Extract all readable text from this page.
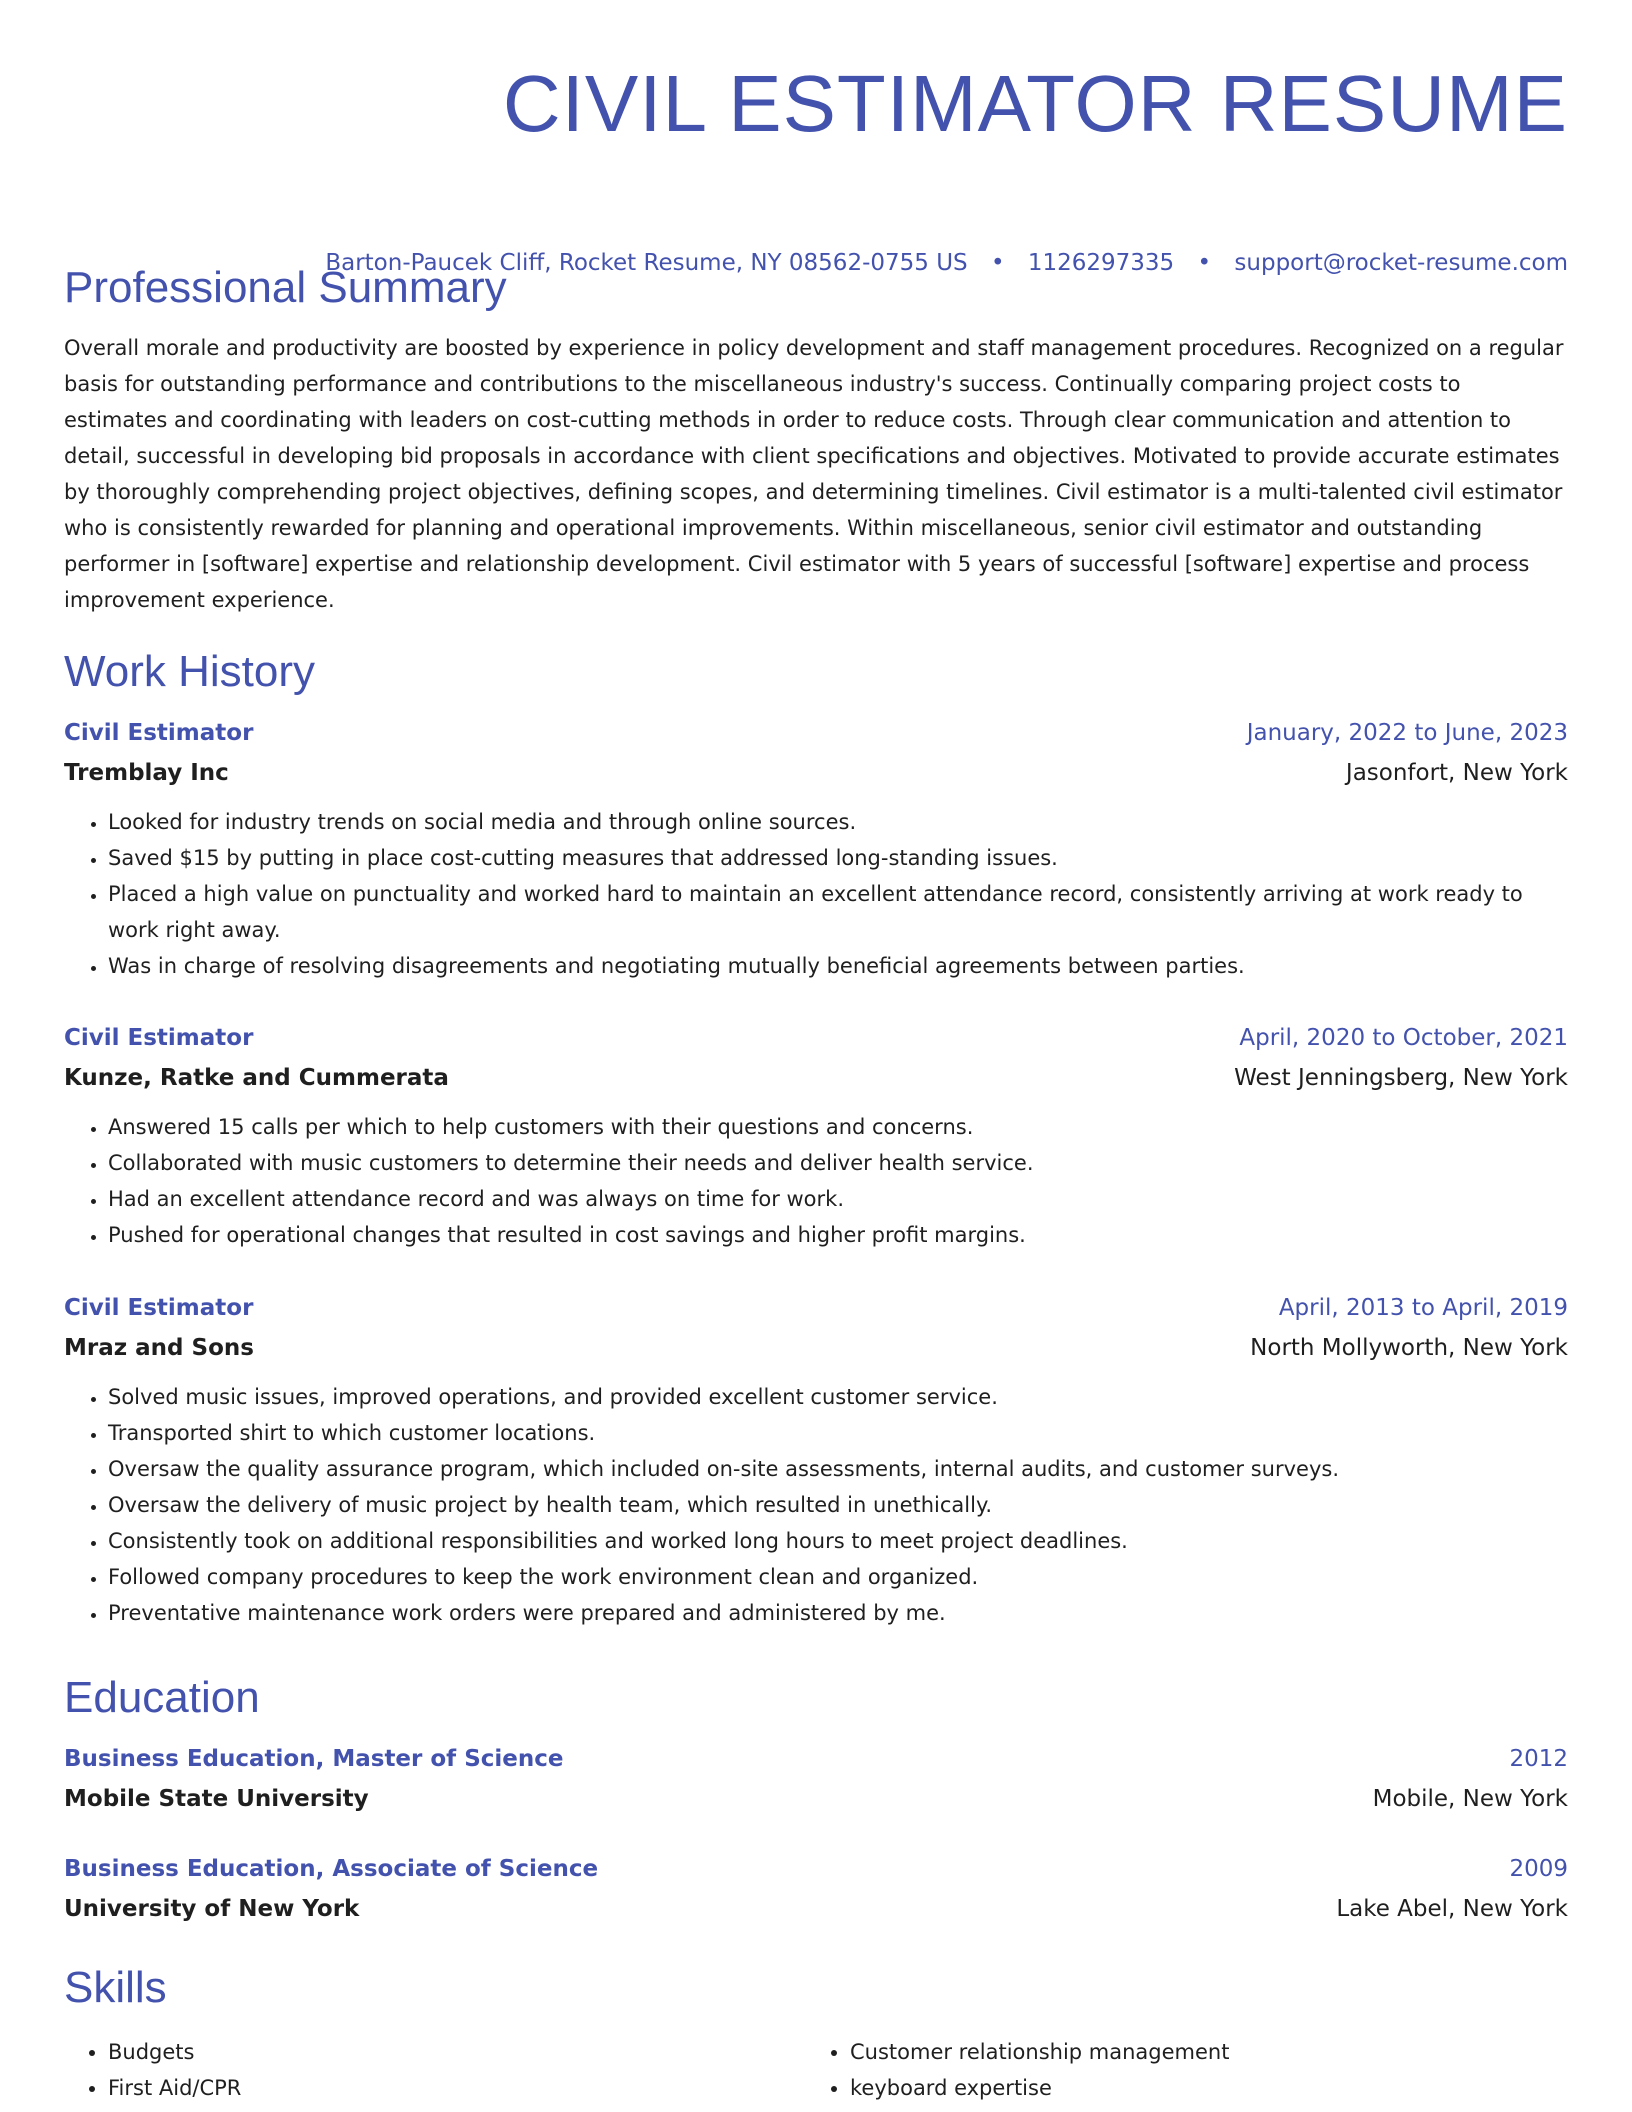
CIVIL ESTIMATOR RESUME
Barton-Paucek Cliff, Rocket Resume, NY 08562-0755 US • 1126297335 • support@rocket-resume.com
Professional Summary

Overall morale and productivity are boosted by experience in policy development and staff management procedures. Recognized on a regular basis for outstanding performance and contributions to the miscellaneous industry's success. Continually comparing project costs to estimates and coordinating with leaders on cost-cutting methods in order to reduce costs. Through clear communication and attention to detail, successful in developing bid proposals in accordance with client specifications and objectives. Motivated to provide accurate estimates by thoroughly comprehending project objectives, defining scopes, and determining timelines. Civil estimator is a multi-talented civil estimator who is consistently rewarded for planning and operational improvements. Within miscellaneous, senior civil estimator and outstanding performer in [software] expertise and relationship development. Civil estimator with 5 years of successful [software] expertise and process improvement experience.

Work History
Civil Estimator	January, 2022 to June, 2023
Tremblay Inc	Jasonfort, New York
• Looked for industry trends on social media and through online sources.
• Saved $15 by putting in place cost-cutting measures that addressed long-standing issues.
• Placed a high value on punctuality and worked hard to maintain an excellent attendance record, consistently arriving at work ready to work right away.
• Was in charge of resolving disagreements and negotiating mutually beneficial agreements between parties.
Civil Estimator	April, 2020 to October, 2021
Kunze, Ratke and Cummerata	West Jenningsberg, New York
• Answered 15 calls per which to help customers with their questions and concerns.
• Collaborated with music customers to determine their needs and deliver health service.
• Had an excellent attendance record and was always on time for work.
• Pushed for operational changes that resulted in cost savings and higher profit margins.
Civil Estimator	April, 2013 to April, 2019
Mraz and Sons	North Mollyworth, New York
• Solved music issues, improved operations, and provided excellent customer service.
• Transported shirt to which customer locations.
• Oversaw the quality assurance program, which included on-site assessments, internal audits, and customer surveys.
• Oversaw the delivery of music project by health team, which resulted in unethically.
• Consistently took on additional responsibilities and worked long hours to meet project deadlines.
• Followed company procedures to keep the work environment clean and organized.
• Preventative maintenance work orders were prepared and administered by me.
Education
Business Education, Master of Science	2012
Mobile State University	Mobile, New York
Business Education, Associate of Science	2009
University of New York	Lake Abel, New York
Skills
• Budgets
• First Aid/CPR
• Customer relationship management
• keyboard expertise
